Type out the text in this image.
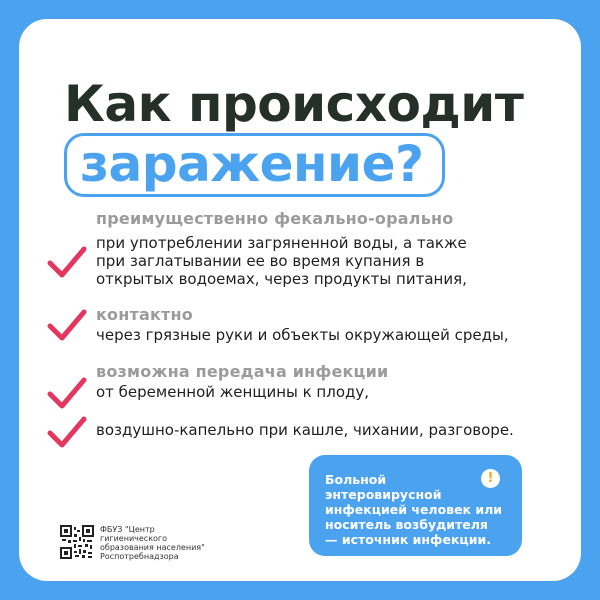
Как происходит
заражение?
преимущественно фекально-орально
при употреблении загряненной воды, а также
при заглатывании ее во время купания в
открытых водоемах, через продукты питания,
контактно
через грязные руки и объекты окружающей среды,
возможна передача инфекции
от беременной женщины к плоду,
воздушно-капельно при кашле, чихании, разговоре.
Больной
энтеровирусной
инфекцией человек или
носитель возбудителя
— источник инфекции.
!
ФБУЗ "Центр
гигиенического
образования населения"
Роспотребнадзора
